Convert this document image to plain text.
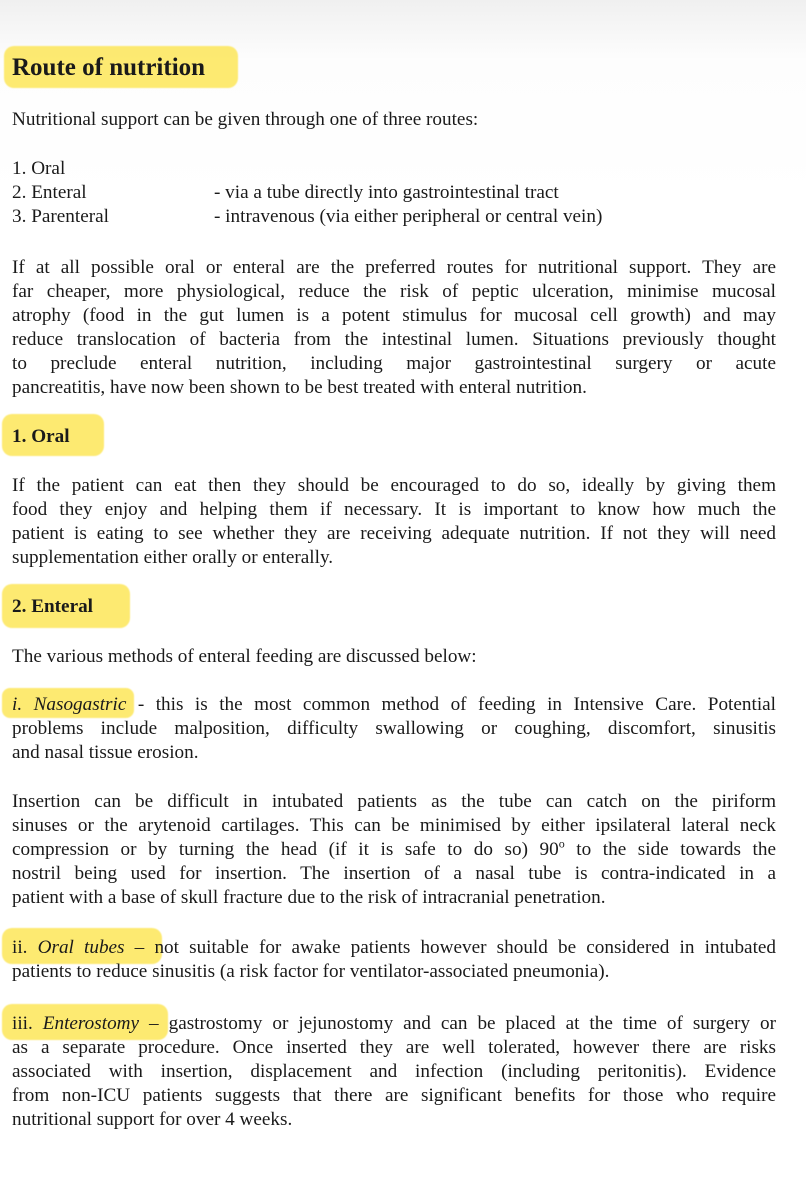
Route of nutrition
Nutritional support can be given through one of three routes:
1. Oral
2. Enteral	- via a tube directly into gastrointestinal tract
3. Parenteral	- intravenous (via either peripheral or central vein)
If at all possible oral or enteral are the preferred routes for nutritional support. They are
far cheaper, more physiological, reduce the risk of peptic ulceration, minimise mucosal
atrophy (food in the gut lumen is a potent stimulus for mucosal cell growth) and may
reduce translocation of bacteria from the intestinal lumen. Situations previously thought
to preclude enteral nutrition, including major gastrointestinal surgery or acute
pancreatitis, have now been shown to be best treated with enteral nutrition.
1. Oral
If the patient can eat then they should be encouraged to do so, ideally by giving them
food they enjoy and helping them if necessary. It is important to know how much the
patient is eating to see whether they are receiving adequate nutrition. If not they will need
supplementation either orally or enterally.
2. Enteral
The various methods of enteral feeding are discussed below:
i. Nasogastric - this is the most common method of feeding in Intensive Care. Potential
problems include malposition, difficulty swallowing or coughing, discomfort, sinusitis
and nasal tissue erosion.
Insertion can be difficult in intubated patients as the tube can catch on the piriform
sinuses or the arytenoid cartilages. This can be minimised by either ipsilateral lateral neck
compression or by turning the head (if it is safe to do so) 90$^o$ to the side towards the
nostril being used for insertion. The insertion of a nasal tube is contra-indicated in a
patient with a base of skull fracture due to the risk of intracranial penetration.
ii. Oral tubes – not suitable for awake patients however should be considered in intubated
patients to reduce sinusitis (a risk factor for ventilator-associated pneumonia).
iii. Enterostomy – gastrostomy or jejunostomy and can be placed at the time of surgery or
as a separate procedure. Once inserted they are well tolerated, however there are risks
associated with insertion, displacement and infection (including peritonitis). Evidence
from non-ICU patients suggests that there are significant benefits for those who require
nutritional support for over 4 weeks.
